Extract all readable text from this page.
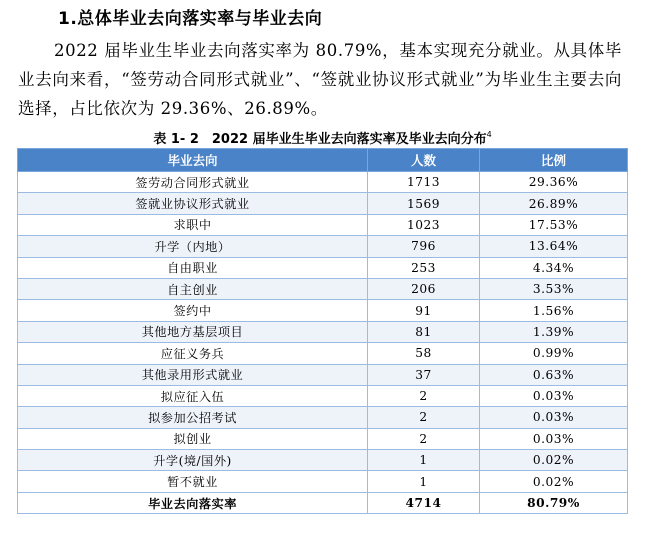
1.总体毕业去向落实率与毕业去向
2022 届毕业生毕业去向落实率为 80.79%，基本实现充分就业。从具体毕业去向来看，“签劳动合同形式就业”、“签就业协议形式就业”为毕业生主要去向选择，占比依次为 29.36%、26.89%。
表 1- 2　2022 届毕业生毕业去向落实率及毕业去向分布$^4$
毕业去向	人数	比例
签劳动合同形式就业	1713	29.36%
签就业协议形式就业	1569	26.89%
求职中	1023	17.53%
升学（内地）	796	13.64%
自由职业	253	4.34%
自主创业	206	3.53%
签约中	91	1.56%
其他地方基层项目	81	1.39%
应征义务兵	58	0.99%
其他录用形式就业	37	0.63%
拟应征入伍	2	0.03%
拟参加公招考试	2	0.03%
拟创业	2	0.03%
升学(境/国外)	1	0.02%
暂不就业	1	0.02%
毕业去向落实率	4714	80.79%
